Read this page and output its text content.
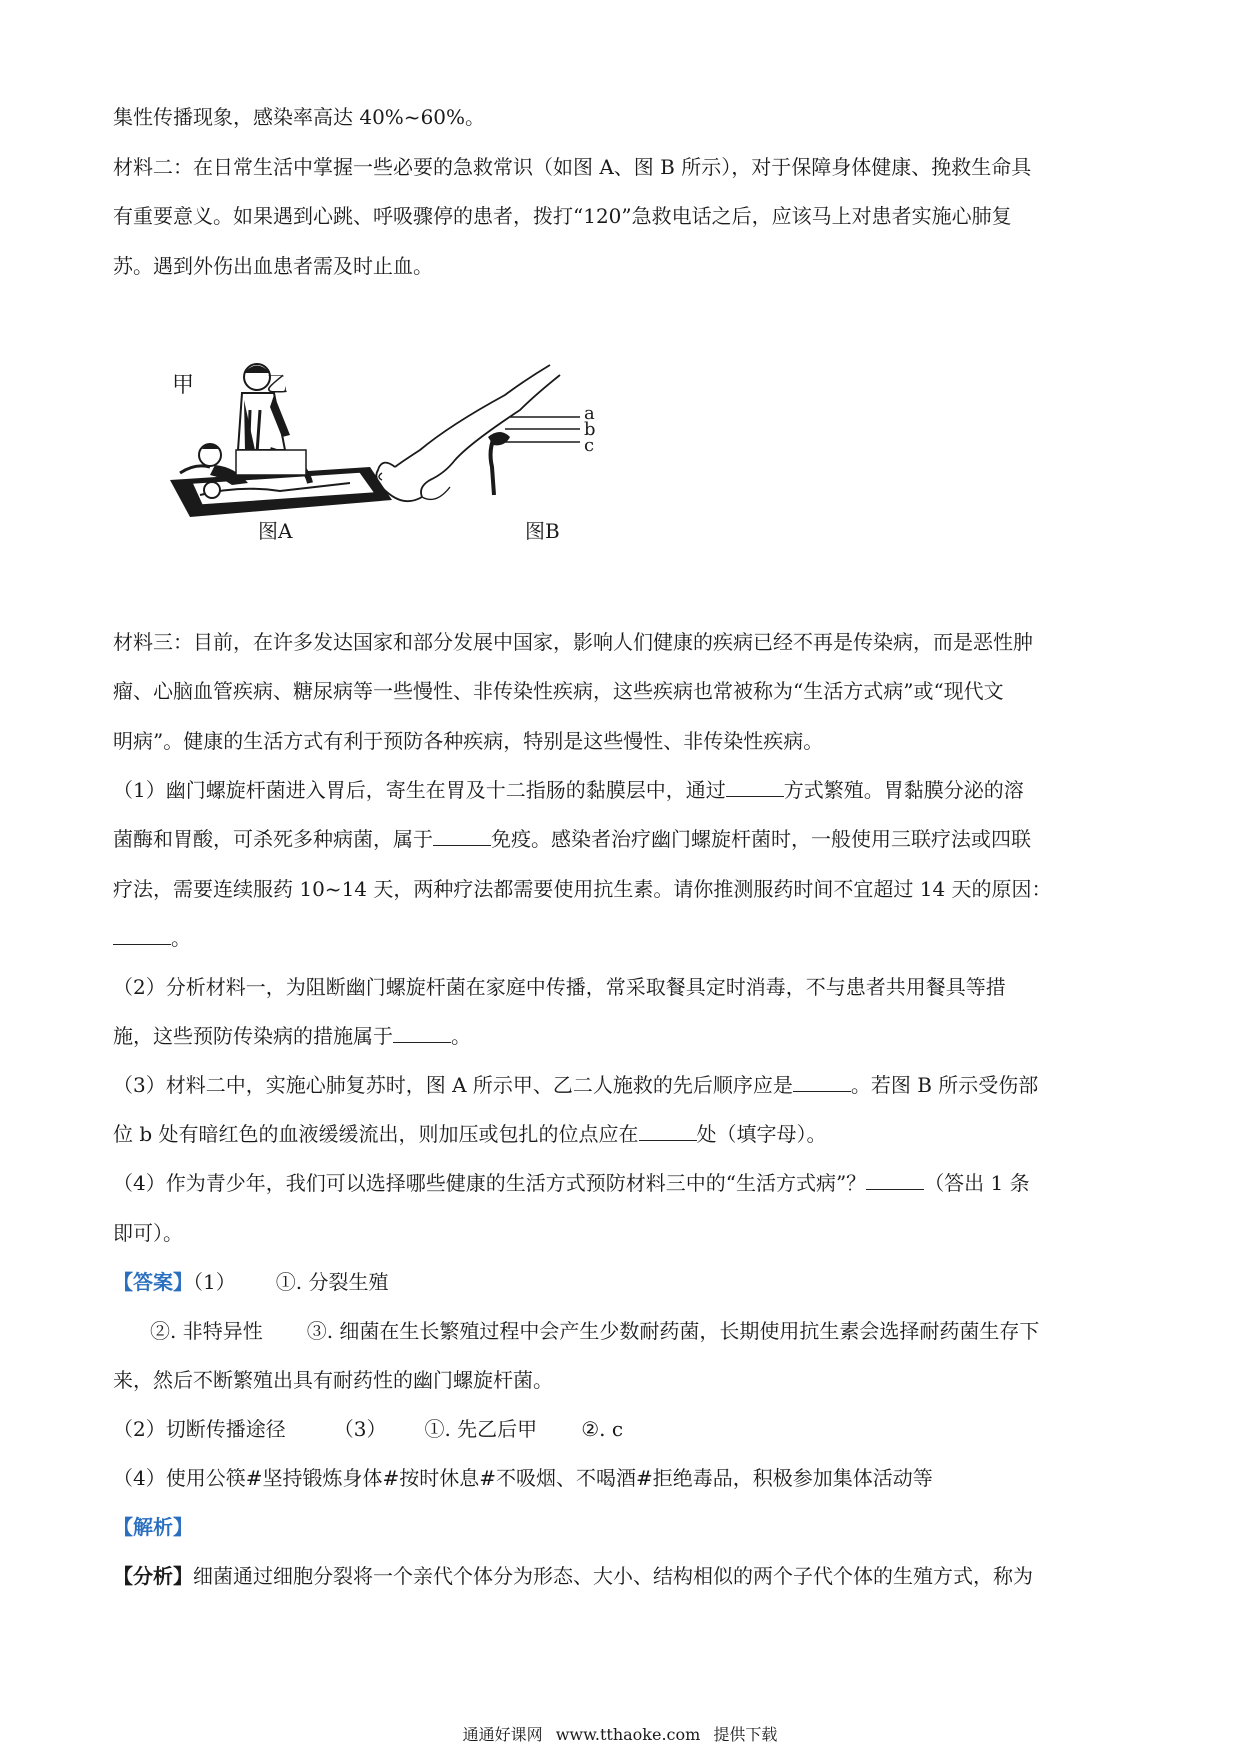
集性传播现象，感染率高达 40%~60%。
材料二：在日常生活中掌握一些必要的急救常识（如图 A、图 B 所示），对于保障身体健康、挽救生命具
有重要意义。如果遇到心跳、呼吸骤停的患者，拨打“120”急救电话之后，应该马上对患者实施心肺复
苏。遇到外伤出血患者需及时止血。
甲	乙
a
b
c
图A	图B
材料三：目前，在许多发达国家和部分发展中国家，影响人们健康的疾病已经不再是传染病，而是恶性肿
瘤、心脑血管疾病、糖尿病等一些慢性、非传染性疾病，这些疾病也常被称为“生活方式病”或“现代文
明病”。健康的生活方式有利于预防各种疾病，特别是这些慢性、非传染性疾病。
（1）幽门螺旋杆菌进入胃后，寄生在胃及十二指肠的黏膜层中，通过	方式繁殖。胃黏膜分泌的溶
菌酶和胃酸，可杀死多种病菌，属于	免疫。感染者治疗幽门螺旋杆菌时，一般使用三联疗法或四联
疗法，需要连续服药 10~14 天，两种疗法都需要使用抗生素。请你推测服药时间不宜超过 14 天的原因：
。
（2）分析材料一，为阻断幽门螺旋杆菌在家庭中传播，常采取餐具定时消毒，不与患者共用餐具等措
施，这些预防传染病的措施属于	。
（3）材料二中，实施心肺复苏时，图 A 所示甲、乙二人施救的先后顺序应是	。若图 B 所示受伤部
位 b 处有暗红色的血液缓缓流出，则加压或包扎的位点应在	处（填字母）。
（4）作为青少年，我们可以选择哪些健康的生活方式预防材料三中的“生活方式病”？	（答出 1 条
即可）。
【答案】（1） ①. 分裂生殖
②. 非特异性 ③. 细菌在生长繁殖过程中会产生少数耐药菌，长期使用抗生素会选择耐药菌生存下
来，然后不断繁殖出具有耐药性的幽门螺旋杆菌。
（2）切断传播途径 （3） ①. 先乙后甲 ②. c
（4）使用公筷#坚持锻炼身体#按时休息#不吸烟、不喝酒#拒绝毒品，积极参加集体活动等
【解析】
【分析】细菌通过细胞分裂将一个亲代个体分为形态、大小、结构相似的两个子代个体的生殖方式，称为
通通好课网 www.tthaoke.com 提供下载
